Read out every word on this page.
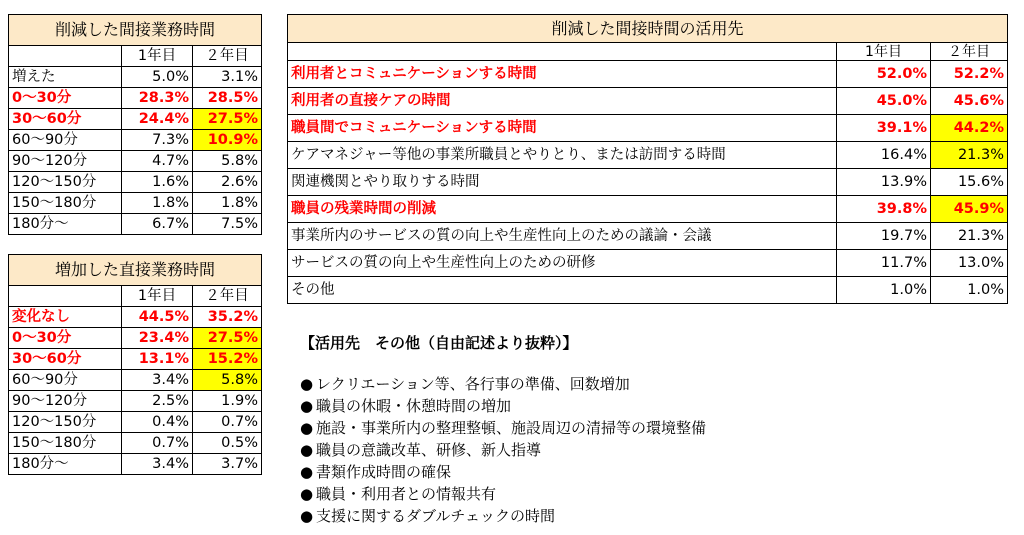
削減した間接業務時間		
	1年目	２年目
増えた	5.0%	3.1%
0～30分	28.3%	28.5%
30～60分	24.4%	27.5%
60～90分	7.3%	10.9%
90～120分	4.7%	5.8%
120～150分	1.6%	2.6%
150～180分	1.8%	1.8%
180分～	6.7%	7.5%
増加した直接業務時間		
	1年目	２年目
変化なし	44.5%	35.2%
0～30分	23.4%	27.5%
30～60分	13.1%	15.2%
60～90分	3.4%	5.8%
90～120分	2.5%	1.9%
120～150分	0.4%	0.7%
150～180分	0.7%	0.5%
180分～	3.4%	3.7%
削減した間接時間の活用先		
	1年目	２年目
利用者とコミュニケーションする時間	52.0%	52.2%
利用者の直接ケアの時間	45.0%	45.6%
職員間でコミュニケーションする時間	39.1%	44.2%
ケアマネジャー等他の事業所職員とやりとり、または訪問する時間	16.4%	21.3%
関連機関とやり取りする時間	13.9%	15.6%
職員の残業時間の削減	39.8%	45.9%
事業所内のサービスの質の向上や生産性向上のための議論・会議	19.7%	21.3%
サービスの質の向上や生産性向上のための研修	11.7%	13.0%
その他	1.0%	1.0%
【活用先　その他（自由記述より抜粋）】
● レクリエーション等、各行事の準備、回数増加
● 職員の休暇・休憩時間の増加
● 施設・事業所内の整理整頓、施設周辺の清掃等の環境整備
● 職員の意識改革、研修、新人指導
● 書類作成時間の確保
● 職員・利用者との情報共有
● 支援に関するダブルチェックの時間
